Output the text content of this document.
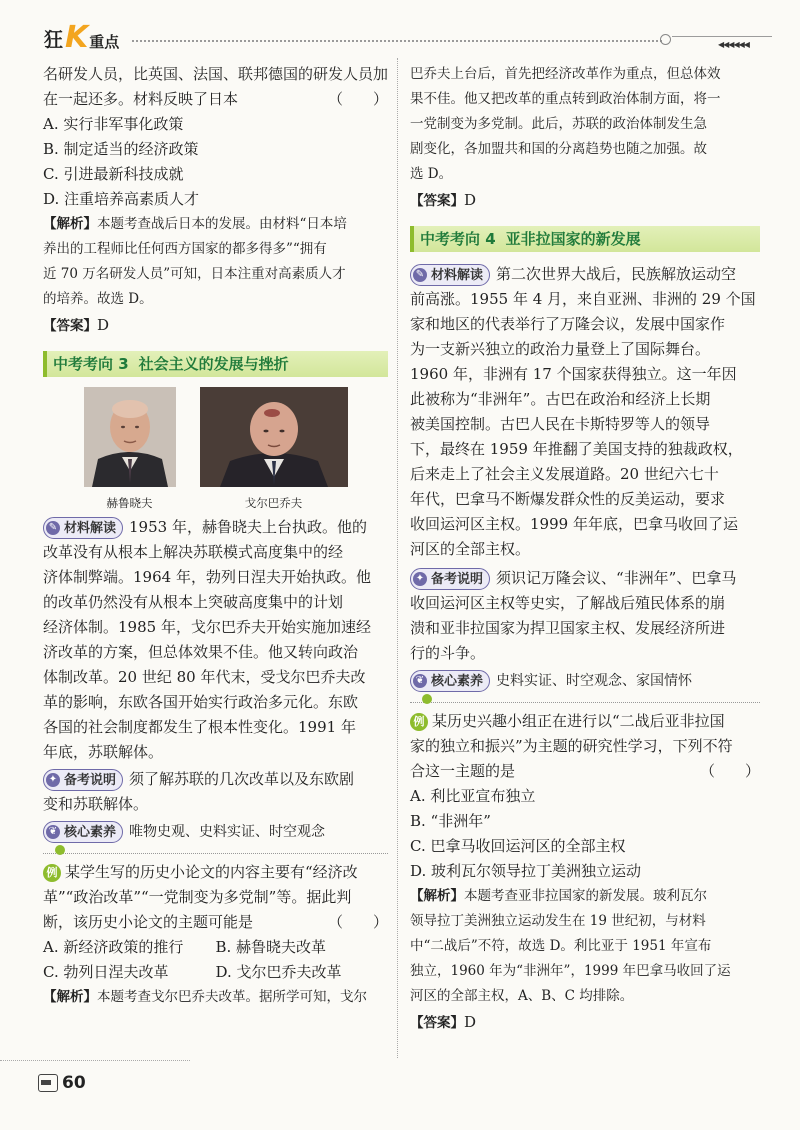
狂 K 重点	◀◀◀◀◀◀

名研发人员，比英国、法国、联邦德国的研发人员加

在一起还多。材料反映了日本	（　　）

A. 实行非军事化政策

B. 制定适当的经济政策

C. 引进最新科技成就

D. 注重培养高素质人才

【解析】本题考查战后日本的发展。由材料“日本培

养出的工程师比任何西方国家的都多得多”“拥有

近 70 万名研发人员”可知，日本注重对高素质人才

的培养。故选 D。

【答案】D

中考考向 3 社会主义的发展与挫折
赫鲁晓夫	戈尔巴乔夫

✎ 材料解读 1953 年，赫鲁晓夫上台执政。他的

改革没有从根本上解决苏联模式高度集中的经

济体制弊端。1964 年，勃列日涅夫开始执政。他

的改革仍然没有从根本上突破高度集中的计划

经济体制。1985 年，戈尔巴乔夫开始实施加速经

济改革的方案，但总体效果不佳。他又转向政治

体制改革。20 世纪 80 年代末，受戈尔巴乔夫改

革的影响，东欧各国开始实行政治多元化。东欧

各国的社会制度都发生了根本性变化。1991 年

年底，苏联解体。

✦ 备考说明 须了解苏联的几次改革以及东欧剧

变和苏联解体。

❦ 核心素养 唯物史观、史料实证、时空观念

例 某学生写的历史小论文的内容主要有“经济改

革”“政治改革”“一党制变为多党制”等。据此判

断，该历史小论文的主题可能是	（　　）

A. 新经济政策的推行	B. 赫鲁晓夫改革
C. 勃列日涅夫改革	D. 戈尔巴乔夫改革

【解析】本题考查戈尔巴乔夫改革。据所学可知，戈尔

巴乔夫上台后，首先把经济改革作为重点，但总体效

果不佳。他又把改革的重点转到政治体制方面，将一

一党制变为多党制。此后，苏联的政治体制发生急

剧变化，各加盟共和国的分离趋势也随之加强。故

选 D。

【答案】D

中考考向 4 亚非拉国家的新发展

✎ 材料解读 第二次世界大战后，民族解放运动空

前高涨。1955 年 4 月，来自亚洲、非洲的 29 个国

家和地区的代表举行了万隆会议，发展中国家作

为一支新兴独立的政治力量登上了国际舞台。

1960 年，非洲有 17 个国家获得独立。这一年因

此被称为“非洲年”。古巴在政治和经济上长期

被美国控制。古巴人民在卡斯特罗等人的领导

下，最终在 1959 年推翻了美国支持的独裁政权，

后来走上了社会主义发展道路。20 世纪六七十

年代，巴拿马不断爆发群众性的反美运动，要求

收回运河区主权。1999 年年底，巴拿马收回了运

河区的全部主权。

✦ 备考说明 须识记万隆会议、“非洲年”、巴拿马

收回运河区主权等史实，了解战后殖民体系的崩

溃和亚非拉国家为捍卫国家主权、发展经济所进

行的斗争。

❦ 核心素养 史料实证、时空观念、家国情怀

例 某历史兴趣小组正在进行以“二战后亚非拉国

家的独立和振兴”为主题的研究性学习，下列不符

合这一主题的是	（　　）

A. 利比亚宣布独立

B. “非洲年”

C. 巴拿马收回运河区的全部主权

D. 玻利瓦尔领导拉丁美洲独立运动

【解析】本题考查亚非拉国家的新发展。玻利瓦尔

领导拉丁美洲独立运动发生在 19 世纪初，与材料

中“二战后”不符，故选 D。利比亚于 1951 年宣布

独立，1960 年为“非洲年”，1999 年巴拿马收回了运

河区的全部主权，A、B、C 均排除。

【答案】D

60
